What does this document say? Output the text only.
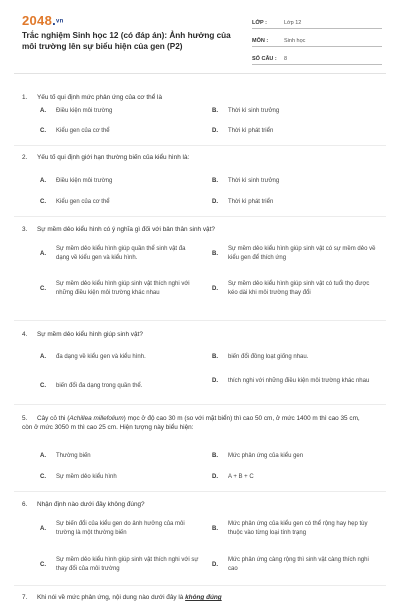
2048.vn
Trắc nghiệm Sinh học 12 (có đáp án): Ảnh hưởng của môi trường lên sự biểu hiện của gen (P2)
LỚP :	Lớp 12
MÔN :	Sinh học
SỐ CÂU :	8
1. Yếu tố qui định mức phản ứng của cơ thể là
A.	Điều kiện môi trường	B.	Thời kì sinh trưởng
C.	Kiểu gen của cơ thể	D.	Thời kì phát triển
2. Yếu tố qui định giới hạn thường biến của kiểu hình là:
A.	Điều kiện môi trường	B.	Thời kì sinh trưởng
C.	Kiểu gen của cơ thể	D.	Thời kì phát triển
3. Sự mềm dẻo kiểu hình có ý nghĩa gì đối với bản thân sinh vật?
A.
Sự mềm dẻo kiểu hình giúp quần thể sinh vật đa dạng về kiểu gen và kiểu hình.
B.
Sự mềm dẻo kiểu hình giúp sinh vật có sự mềm dẻo về kiểu gen để thích ứng
C.
Sự mềm dẻo kiểu hình giúp sinh vật thích nghi với những điều kiện môi trường khác nhau
D.
Sự mềm dẻo kiểu hình giúp sinh vật có tuổi thọ được kéo dài khi môi trường thay đổi
4. Sự mềm dẻo kiểu hình giúp sinh vật?
A.	đa dạng về kiểu gen và kiểu hình.	B.	biến đổi đồng loạt giống nhau.
C.	biến đổi đa dạng trong quần thể.
D.	thích nghi với những điều kiện môi trường khác nhau
5. Cây cỏ thi (Achillea millefolium) mọc ở độ cao 30 m (so với mặt biển) thì cao 50 cm, ở mức 1400 m thì cao 35 cm, còn ở mức 3050 m thì cao 25 cm. Hiện tượng này biểu hiện:
A.	Thường biến	B.	Mức phản ứng của kiểu gen
C.	Sự mềm dẻo kiểu hình	D.	A + B + C
6. Nhận định nào dưới đây không đúng?
A.
Sự biến đổi của kiểu gen do ảnh hưởng của môi trường là một thường biến
B.
Mức phản ứng của kiểu gen có thể rộng hay hẹp tùy thuộc vào từng loại tính trạng
C.
Sự mềm dẻo kiểu hình giúp sinh vật thích nghi với sự thay đổi của môi trường
D.
Mức phản ứng càng rộng thì sinh vật càng thích nghi cao
7. Khi nói về mức phản ứng, nội dung nào dưới đây là không đúng
